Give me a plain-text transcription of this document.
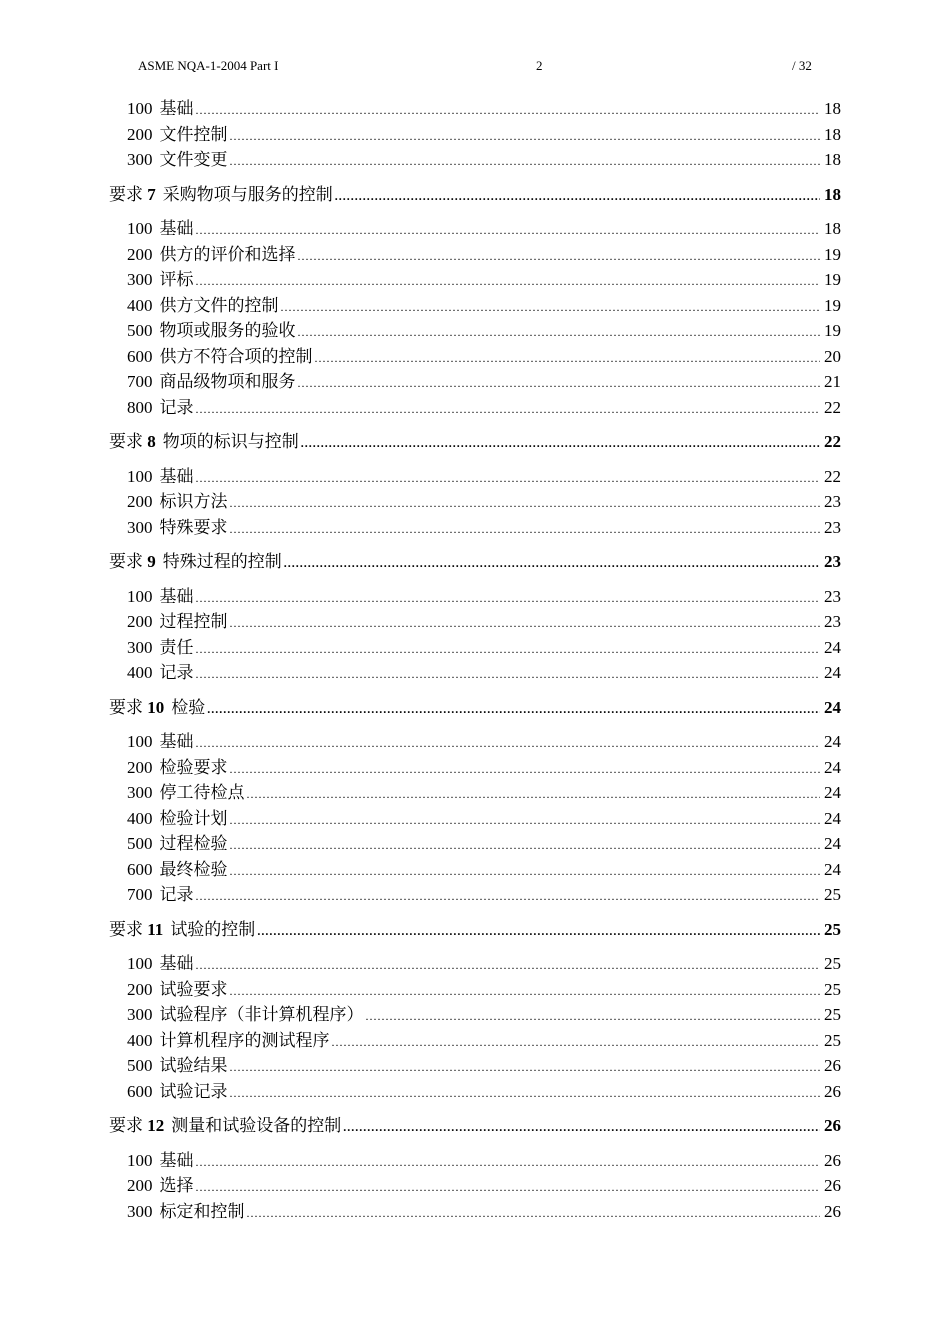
ASME NQA-1-2004 Part I	2	/ 32
100 基础 .....	18
200 文件控制 .....	18
300 文件变更 .....	18
要求 7 采购物项与服务的控制 .....	18
100 基础 .....	18
200 供方的评价和选择 .....	19
300 评标 .....	19
400 供方文件的控制 .....	19
500 物项或服务的验收 .....	19
600 供方不符合项的控制 .....	20
700 商品级物项和服务 .....	21
800 记录 .....	22
要求 8 物项的标识与控制 .....	22
100 基础 .....	22
200 标识方法 .....	23
300 特殊要求 .....	23
要求 9 特殊过程的控制 .....	23
100 基础 .....	23
200 过程控制 .....	23
300 责任 .....	24
400 记录 .....	24
要求 10 检验 .....	24
100 基础 .....	24
200 检验要求 .....	24
300 停工待检点 .....	24
400 检验计划 .....	24
500 过程检验 .....	24
600 最终检验 .....	24
700 记录 .....	25
要求 11 试验的控制 .....	25
100 基础 .....	25
200 试验要求 .....	25
300 试验程序（非计算机程序） .....	25
400 计算机程序的测试程序 .....	25
500 试验结果 .....	26
600 试验记录 .....	26
要求 12 测量和试验设备的控制 .....	26
100 基础 .....	26
200 选择 .....	26
300 标定和控制 .....	26
